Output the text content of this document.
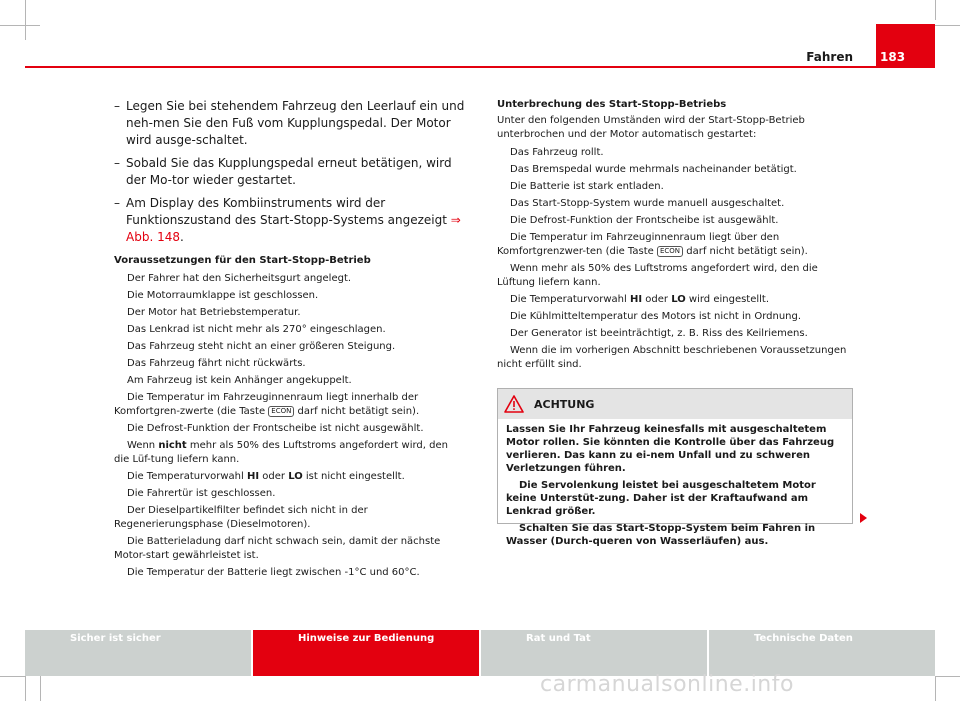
Fahren	183
– Legen Sie bei stehendem Fahrzeug den Leerlauf ein und neh-men Sie den Fuß vom Kupplungspedal. Der Motor wird ausge-schaltet.
– Sobald Sie das Kupplungspedal erneut betätigen, wird der Mo-tor wieder gestartet.
– Am Display des Kombiinstruments wird der Funktionszustand des Start-Stopp-Systems angezeigt ⇒ Abb. 148.
Voraussetzungen für den Start-Stopp-Betrieb
Der Fahrer hat den Sicherheitsgurt angelegt.
Die Motorraumklappe ist geschlossen.
Der Motor hat Betriebstemperatur.
Das Lenkrad ist nicht mehr als 270° eingeschlagen.
Das Fahrzeug steht nicht an einer größeren Steigung.
Das Fahrzeug fährt nicht rückwärts.
Am Fahrzeug ist kein Anhänger angekuppelt.
Die Temperatur im Fahrzeuginnenraum liegt innerhalb der Komfortgren-zwerte (die Taste ECON darf nicht betätigt sein).
Die Defrost-Funktion der Frontscheibe ist nicht ausgewählt.
Wenn nicht mehr als 50% des Luftstroms angefordert wird, den die Lüf-tung liefern kann.
Die Temperaturvorwahl HI oder LO ist nicht eingestellt.
Die Fahrertür ist geschlossen.
Der Dieselpartikelfilter befindet sich nicht in der Regenerierungsphase (Dieselmotoren).
Die Batterieladung darf nicht schwach sein, damit der nächste Motor-start gewährleistet ist.
Die Temperatur der Batterie liegt zwischen -1°C und 60°C.
Unterbrechung des Start-Stopp-Betriebs
Unter den folgenden Umständen wird der Start-Stopp-Betrieb unterbrochen und der Motor automatisch gestartet:
Das Fahrzeug rollt.
Das Bremspedal wurde mehrmals nacheinander betätigt.
Die Batterie ist stark entladen.
Das Start-Stopp-System wurde manuell ausgeschaltet.
Die Defrost-Funktion der Frontscheibe ist ausgewählt.
Die Temperatur im Fahrzeuginnenraum liegt über den Komfortgrenzwer-ten (die Taste ECON darf nicht betätigt sein).
Wenn mehr als 50% des Luftstroms angefordert wird, den die Lüftung liefern kann.
Die Temperaturvorwahl HI oder LO wird eingestellt.
Die Kühlmitteltemperatur des Motors ist nicht in Ordnung.
Der Generator ist beeinträchtigt, z. B. Riss des Keilriemens.
Wenn die im vorherigen Abschnitt beschriebenen Voraussetzungen nicht erfüllt sind.
ACHTUNG

Lassen Sie Ihr Fahrzeug keinesfalls mit ausgeschaltetem Motor rollen. Sie könnten die Kontrolle über das Fahrzeug verlieren. Das kann zu ei-nem Unfall und zu schweren Verletzungen führen.

Die Servolenkung leistet bei ausgeschaltetem Motor keine Unterstüt-zung. Daher ist der Kraftaufwand am Lenkrad größer.

Schalten Sie das Start-Stopp-System beim Fahren in Wasser (Durch-queren von Wasserläufen) aus.

Sicher ist sicher	Hinweise zur Bedienung	Rat und Tat	Technische Daten
carmanualsonline.info
